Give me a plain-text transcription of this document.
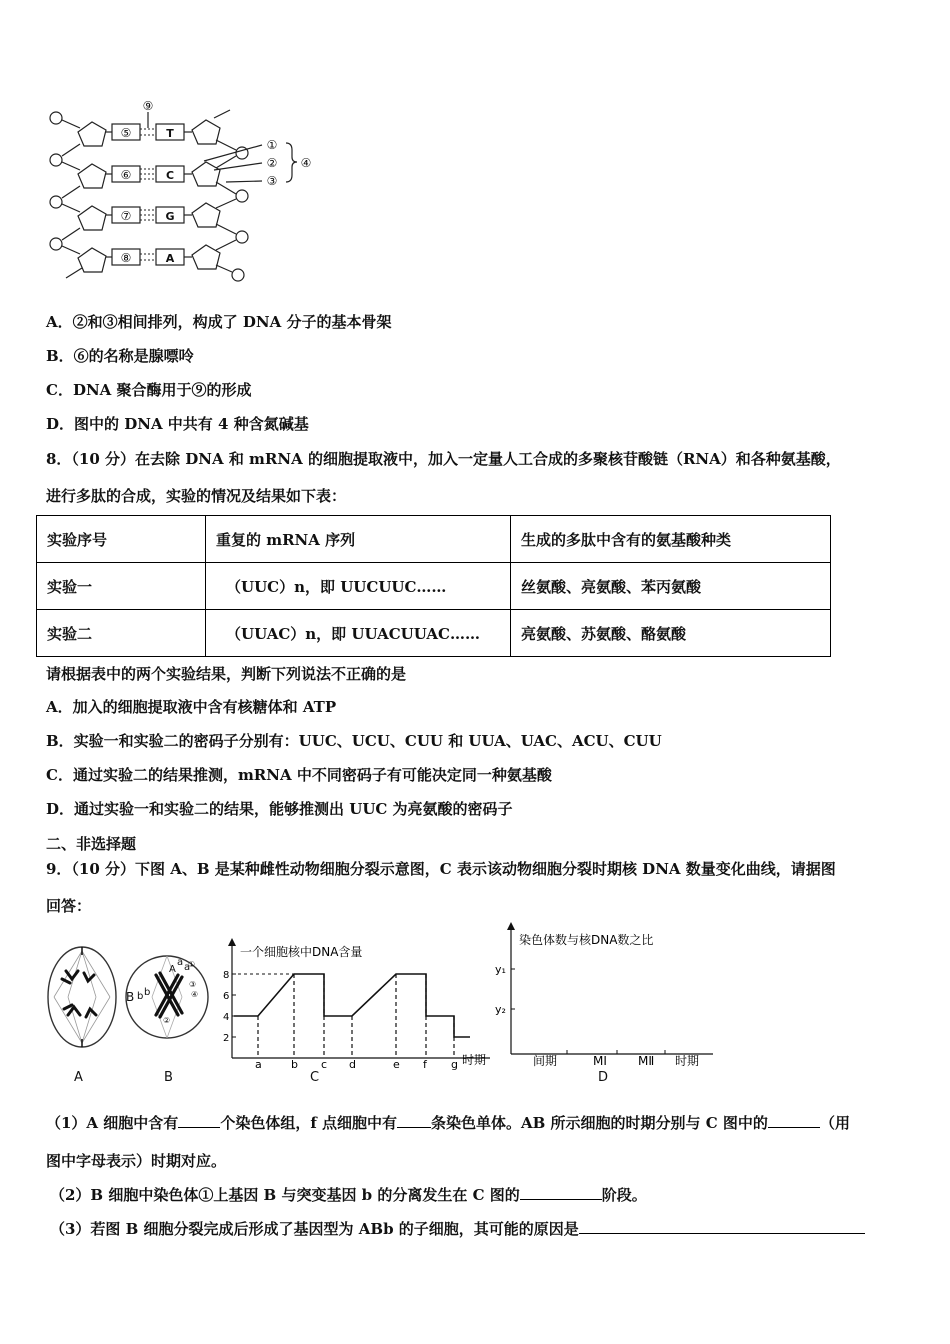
⑤
⑥
⑦
⑧
⑨
T
C
G
A
①
②
③
④
A．②和③相间排列，构成了 DNA 分子的基本骨架
B．⑥的名称是腺嘌呤
C．DNA 聚合酶用于⑨的形成
D．图中的 DNA 中共有 4 种含氮碱基
8．（10 分）在去除 DNA 和 mRNA 的细胞提取液中，加入一定量人工合成的多聚核苷酸链（RNA）和各种氨基酸，
进行多肽的合成，实验的情况及结果如下表：
实验序号	重复的 mRNA 序列	生成的多肽中含有的氨基酸种类
实验一	（UUC）n，即 UUCUUC……	丝氨酸、亮氨酸、苯丙氨酸
实验二	（UUAC）n，即 UUACUUAC……	亮氨酸、苏氨酸、酪氨酸
请根据表中的两个实验结果，判断下列说法不正确的是
A．加入的细胞提取液中含有核糖体和 ATP
B．实验一和实验二的密码子分别有：UUC、UCU、CUU 和 UUA、UAC、ACU、CUU
C．通过实验二的结果推测，mRNA 中不同密码子有可能决定同一种氨基酸
D．通过实验一和实验二的结果，能够推测出 UUC 为亮氨酸的密码子
二、非选择题
9．（10 分）下图 A、B 是某种雌性动物细胞分裂示意图，C 表示该动物细胞分裂时期核 DNA 数量变化曲线，请据图
回答：
A
a a
A
B b b
①
②
③
④
B
一个细胞核中DNA含量
时期
2
4
6
8
a	b c d	e f g
C
染色体数与核DNA数之比
y₁
y₂
间期	MⅠ	MⅡ 时期
D
（1）A 细胞中含有	个染色体组，f 点细胞中有 条染色单体。AB 所示细胞的时期分别与 C 图中的	（用
图中字母表示）时期对应。
（2）B 细胞中染色体①上基因 B 与突变基因 b 的分离发生在 C 图的	阶段。
（3）若图 B 细胞分裂完成后形成了基因型为 ABb 的子细胞，其可能的原因是
